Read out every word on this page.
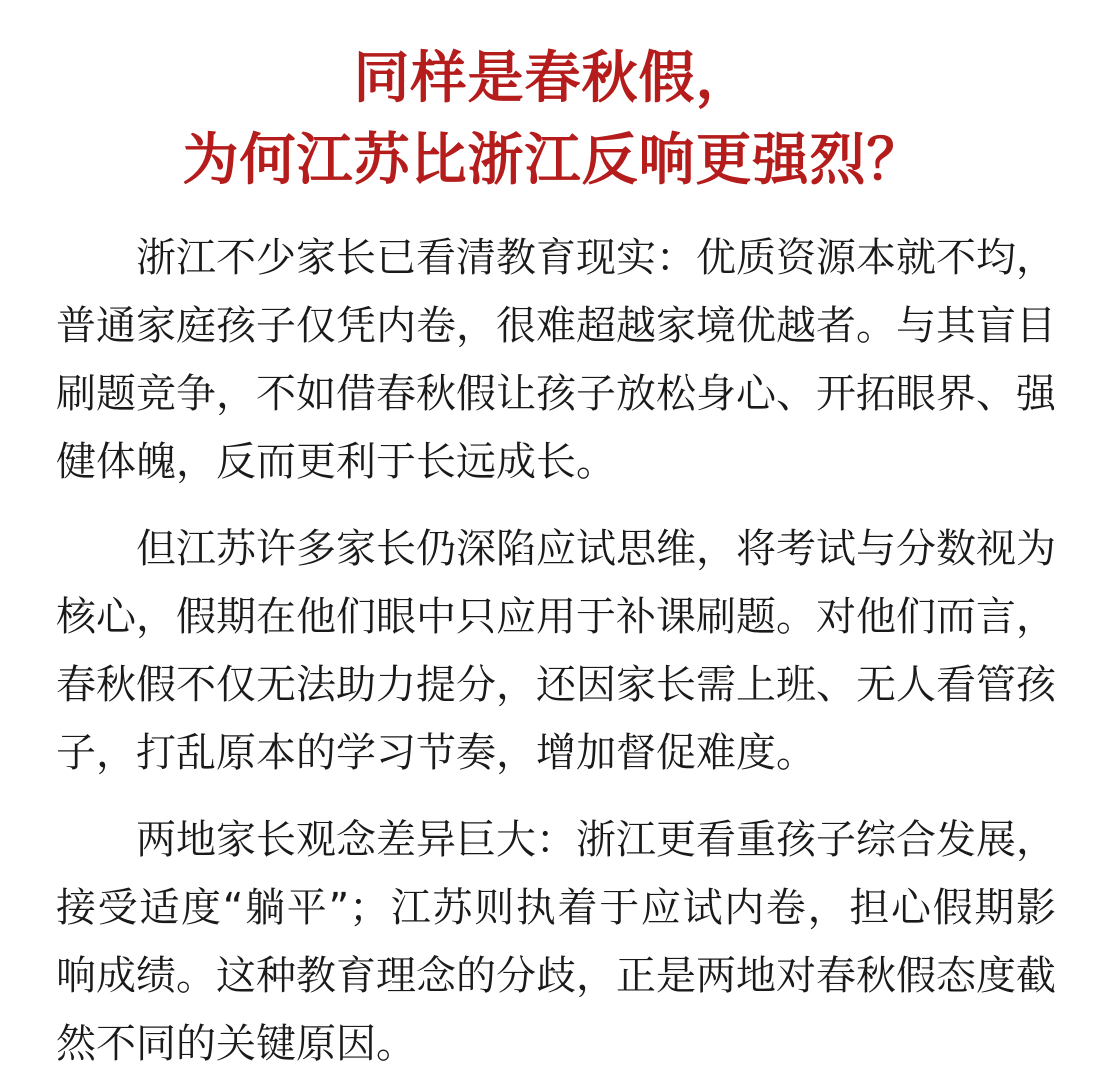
同样是春秋假，
为何江苏比浙江反响更强烈？

浙江不少家长已看清教育现实：优质资源本就不均，普通家庭孩子仅凭内卷，很难超越家境优越者。与其盲目刷题竞争，不如借春秋假让孩子放松身心、开拓眼界、强健体魄，反而更利于长远成长。

但江苏许多家长仍深陷应试思维，将考试与分数视为核心，假期在他们眼中只应用于补课刷题。对他们而言，春秋假不仅无法助力提分，还因家长需上班、无人看管孩子，打乱原本的学习节奏，增加督促难度。

两地家长观念差异巨大：浙江更看重孩子综合发展，接受适度“躺平”；江苏则执着于应试内卷，担心假期影响成绩。这种教育理念的分歧，正是两地对春秋假态度截然不同的关键原因。
